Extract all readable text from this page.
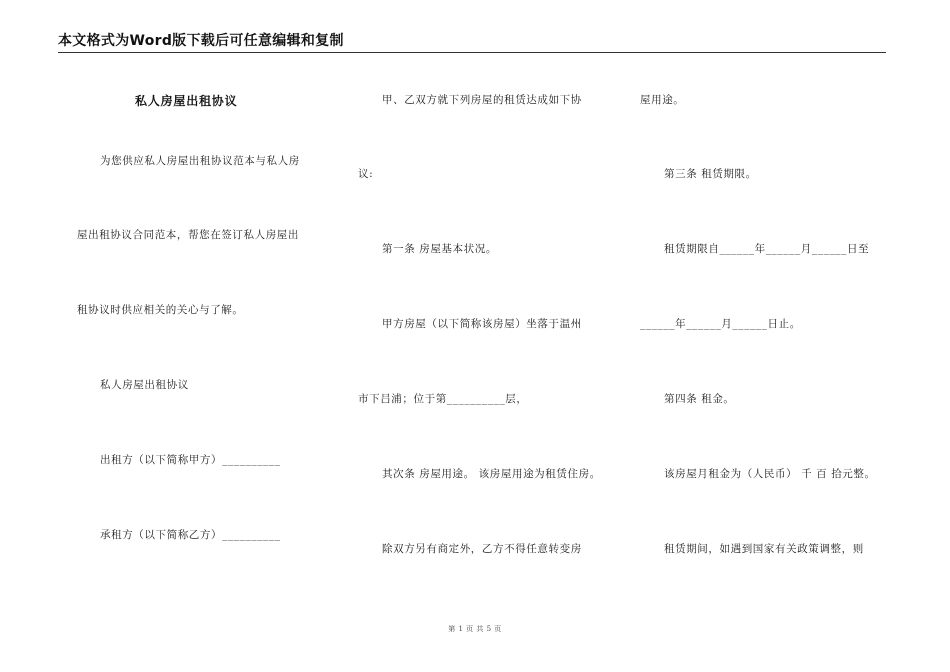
本文格式为Word版下载后可任意编辑和复制
私人房屋出租协议
为您供应私人房屋出租协议范本与私人房
屋出租协议合同范本，帮您在签订私人房屋出
租协议时供应相关的关心与了解。
私人房屋出租协议
出租方（以下简称甲方）__________
承租方（以下简称乙方）__________
甲、乙双方就下列房屋的租赁达成如下协
议:
第一条 房屋基本状况。
甲方房屋（以下简称该房屋）坐落于温州
市下吕浦；位于第__________层，
其次条 房屋用途。 该房屋用途为租赁住房。
除双方另有商定外，乙方不得任意转变房
屋用途。
第三条 租赁期限。
租赁期限自______年______月______日至
______年______月______日止。
第四条 租金。
该房屋月租金为（人民币） 千 百 拾元整。
租赁期间，如遇到国家有关政策调整，则
第 1 页 共 5 页
